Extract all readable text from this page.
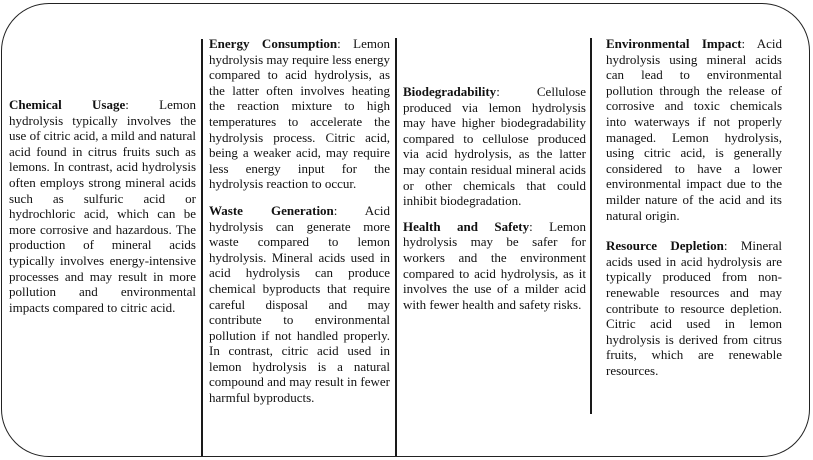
Chemical Usage: Lemon hydrolysis typically involves the use of citric acid, a mild and natural acid found in citrus fruits such as lemons. In contrast, acid hydrolysis often employs strong mineral acids such as sulfuric acid or hydrochloric acid, which can be more corrosive and hazardous. The production of mineral acids typically involves energy-intensive processes and may result in more pollution and environmental impacts compared to citric acid.

Energy Consumption: Lemon hydrolysis may require less energy compared to acid hydrolysis, as the latter often involves heating the reaction mixture to high temperatures to accelerate the hydrolysis process. Citric acid, being a weaker acid, may require less energy input for the hydrolysis reaction to occur.

Waste Generation: Acid hydrolysis can generate more waste compared to lemon hydrolysis. Mineral acids used in acid hydrolysis can produce chemical byproducts that require careful disposal and may contribute to environmental pollution if not handled properly. In contrast, citric acid used in lemon hydrolysis is a natural compound and may result in fewer harmful byproducts.

Biodegradability: Cellulose produced via lemon hydrolysis may have higher biodegradability compared to cellulose produced via acid hydrolysis, as the latter may contain residual mineral acids or other chemicals that could inhibit biodegradation.

Health and Safety: Lemon hydrolysis may be safer for workers and the environment compared to acid hydrolysis, as it involves the use of a milder acid with fewer health and safety risks.

Environmental Impact: Acid hydrolysis using mineral acids can lead to environmental pollution through the release of corrosive and toxic chemicals into waterways if not properly managed. Lemon hydrolysis, using citric acid, is generally considered to have a lower environmental impact due to the milder nature of the acid and its natural origin.

Resource Depletion: Mineral acids used in acid hydrolysis are typically produced from non-renewable resources and may contribute to resource depletion. Citric acid used in lemon hydrolysis is derived from citrus fruits, which are renewable resources.
